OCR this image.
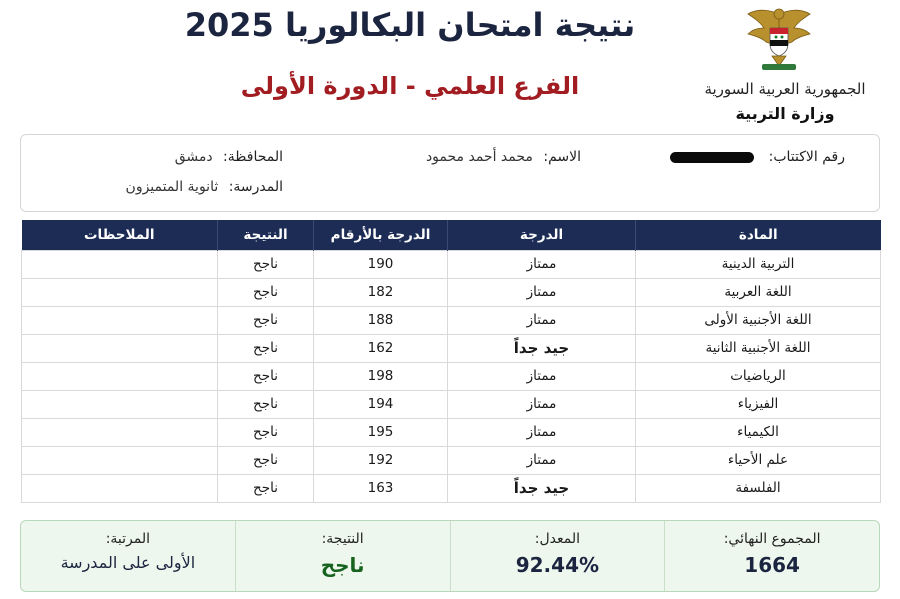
الجمهورية العربية السورية
وزارة التربية
نتيجة امتحان البكالوريا 2025
الفرع العلمي - الدورة الأولى
رقم الاكتتاب:
الاسم: محمد أحمد محمود
المحافظة: دمشق
المدرسة: ثانوية المتميزون
المادة	الدرجة	الدرجة بالأرقام	النتيجة	الملاحظات
التربية الدينية	ممتاز	190	ناجح	
اللغة العربية	ممتاز	182	ناجح	
اللغة الأجنبية الأولى	ممتاز	188	ناجح	
اللغة الأجنبية الثانية	جيد جداً	162	ناجح	
الرياضيات	ممتاز	198	ناجح	
الفيزياء	ممتاز	194	ناجح	
الكيمياء	ممتاز	195	ناجح	
علم الأحياء	ممتاز	192	ناجح	
الفلسفة	جيد جداً	163	ناجح	
المجموع النهائي:
1664
المعدل:
92.44%
النتيجة:
ناجح
المرتبة:
الأولى على المدرسة
